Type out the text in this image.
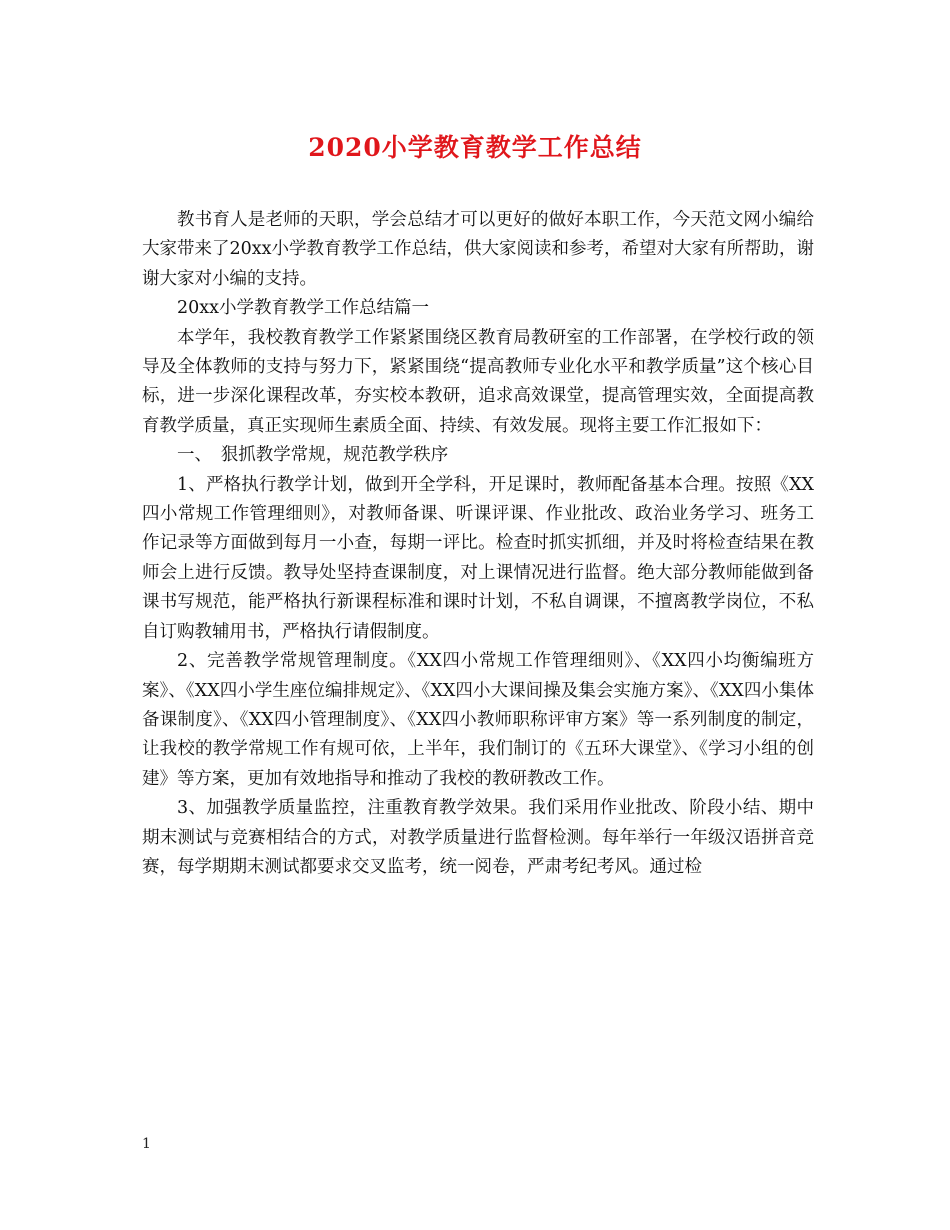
2020小学教育教学工作总结

教书育人是老师的天职，学会总结才可以更好的做好本职工作，今天范文网小编给大家带来了20xx小学教育教学工作总结，供大家阅读和参考，希望对大家有所帮助，谢谢大家对小编的支持。

20xx小学教育教学工作总结篇一

本学年，我校教育教学工作紧紧围绕区教育局教研室的工作部署，在学校行政的领导及全体教师的支持与努力下，紧紧围绕“提高教师专业化水平和教学质量”这个核心目标，进一步深化课程改革，夯实校本教研，追求高效课堂，提高管理实效，全面提高教育教学质量，真正实现师生素质全面、持续、有效发展。现将主要工作汇报如下：

一、　狠抓教学常规，规范教学秩序

1、严格执行教学计划，做到开全学科，开足课时，教师配备基本合理。按照《XX四小常规工作管理细则》，对教师备课、听课评课、作业批改、政治业务学习、班务工作记录等方面做到每月一小查，每期一评比。检查时抓实抓细，并及时将检查结果在教师会上进行反馈。教导处坚持查课制度，对上课情况进行监督。绝大部分教师能做到备课书写规范，能严格执行新课程标准和课时计划，不私自调课，不擅离教学岗位，不私自订购教辅用书，严格执行请假制度。

2、完善教学常规管理制度。《XX四小常规工作管理细则》、《XX四小均衡编班方案》、《XX四小学生座位编排规定》、《XX四小大课间操及集会实施方案》、《XX四小集体备课制度》、《XX四小管理制度》、《XX四小教师职称评审方案》等一系列制度的制定，让我校的教学常规工作有规可依，上半年，我们制订的《五环大课堂》、《学习小组的创建》等方案，更加有效地指导和推动了我校的教研教改工作。

3、加强教学质量监控，注重教育教学效果。我们采用作业批改、阶段小结、期中期末测试与竞赛相结合的方式，对教学质量进行监督检测。每年举行一年级汉语拼音竞赛，每学期期末测试都要求交叉监考，统一阅卷，严肃考纪考风。通过检

1
